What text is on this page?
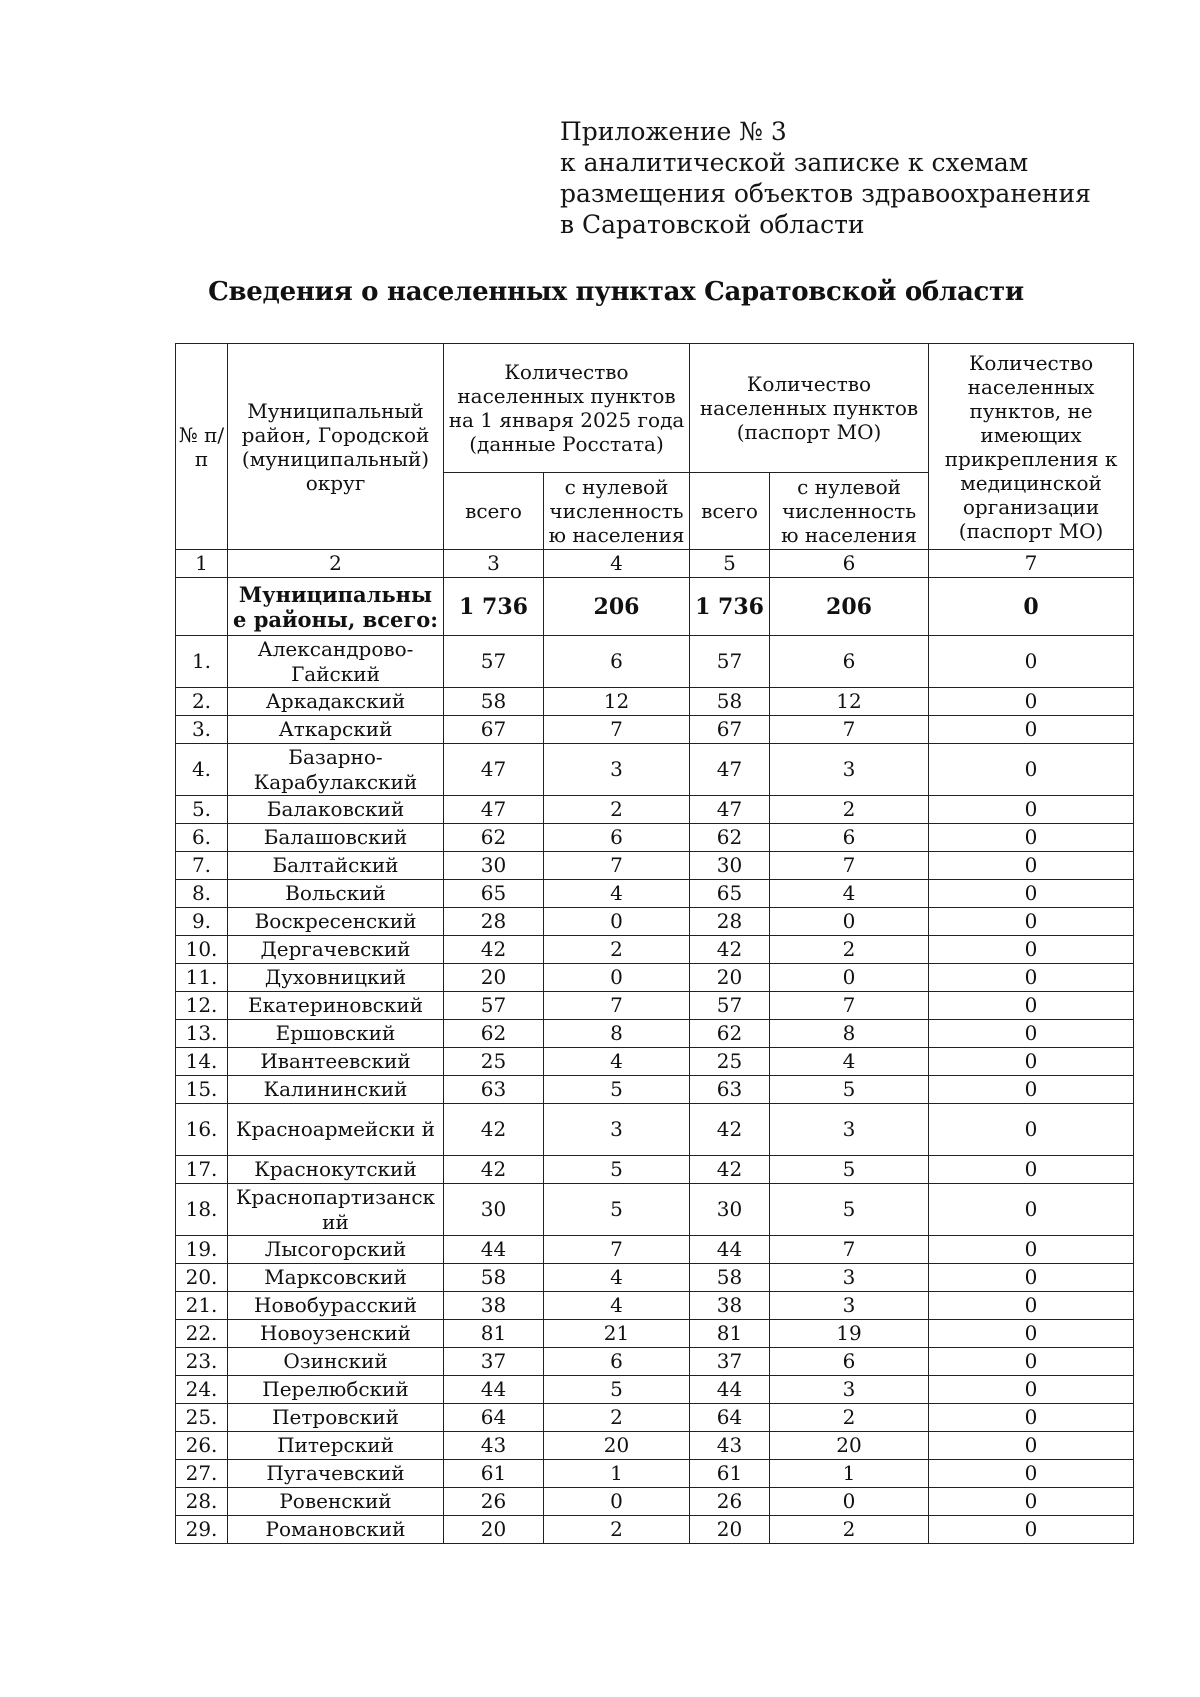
Приложение № 3
к аналитической записке к схемам
размещения объектов здравоохранения
в Саратовской области
Сведения о населенных пунктах Саратовской области
№ п/ п	Муниципальный район, Городской (муниципальный) округ	Количество населенных пунктов на 1 января 2025 года (данные Росстата)		Количество населенных пунктов (паспорт МО)		Количество населенных пунктов, не имеющих прикрепления к медицинской организации (паспорт МО)
		всего	с нулевой численность ю населения	всего	с нулевой численность ю населения	
1	2	3	4	5	6	7
	Муниципальны е районы, всего:	1 736	206	1 736	206	0
1.	Александрово-Гайский	57	6	57	6	0
2.	Аркадакский	58	12	58	12	0
3.	Аткарский	67	7	67	7	0
4.	Базарно-Карабулакский	47	3	47	3	0
5.	Балаковский	47	2	47	2	0
6.	Балашовский	62	6	62	6	0
7.	Балтайский	30	7	30	7	0
8.	Вольский	65	4	65	4	0
9.	Воскресенский	28	0	28	0	0
10.	Дергачевский	42	2	42	2	0
11.	Духовницкий	20	0	20	0	0
12.	Екатериновский	57	7	57	7	0
13.	Ершовский	62	8	62	8	0
14.	Ивантеевский	25	4	25	4	0
15.	Калининский	63	5	63	5	0
16.	Красноармейски й	42	3	42	3	0
17.	Краснокутский	42	5	42	5	0
18.	Краснопартизанск ий	30	5	30	5	0
19.	Лысогорский	44	7	44	7	0
20.	Марксовский	58	4	58	3	0
21.	Новобурасский	38	4	38	3	0
22.	Новоузенский	81	21	81	19	0
23.	Озинский	37	6	37	6	0
24.	Перелюбский	44	5	44	3	0
25.	Петровский	64	2	64	2	0
26.	Питерский	43	20	43	20	0
27.	Пугачевский	61	1	61	1	0
28.	Ровенский	26	0	26	0	0
29.	Романовский	20	2	20	2	0
